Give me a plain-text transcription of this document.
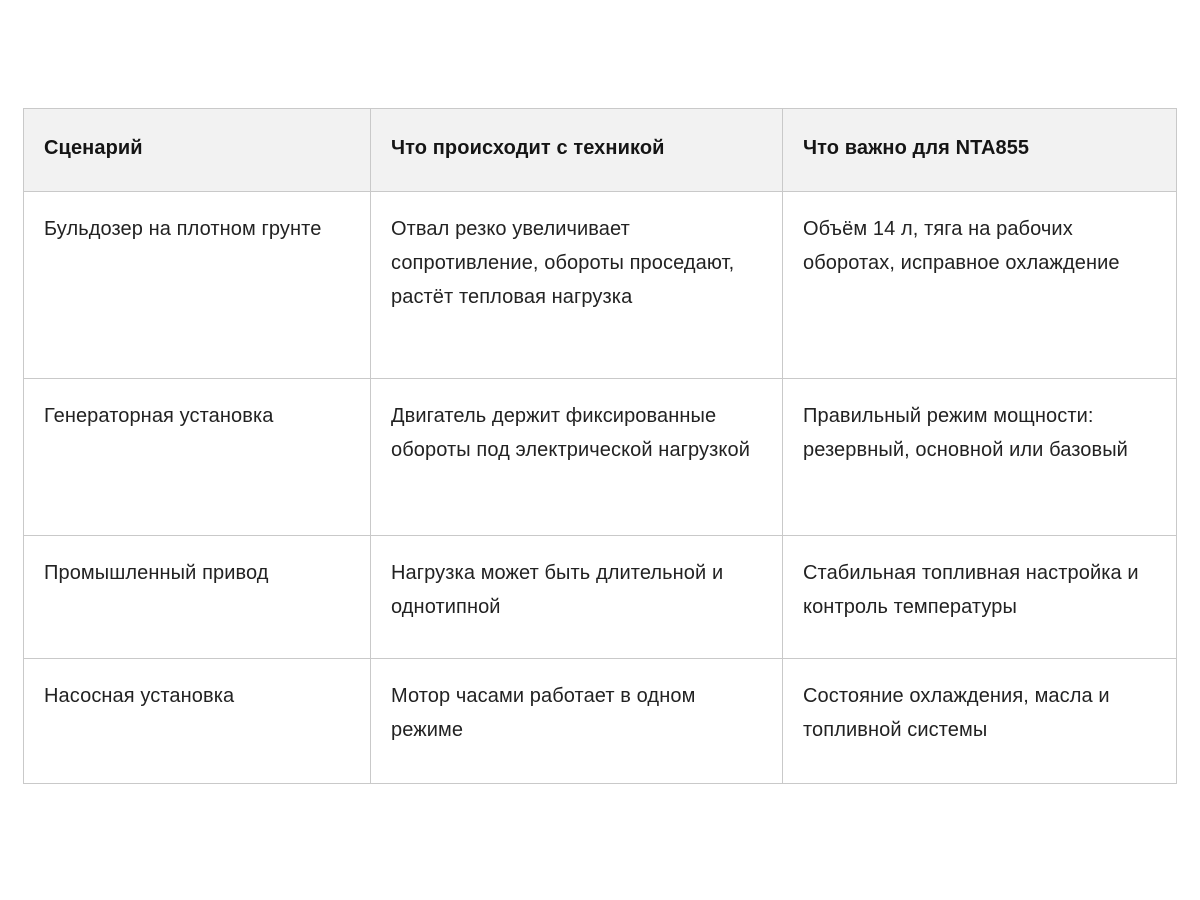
Сценарий	Что происходит с техникой	Что важно для NTA855
Бульдозер на плотном грунте	Отвал резко увеличивает сопротивление, обороты проседают, растёт тепловая нагрузка	Объём 14 л, тяга на рабочих оборотах, исправное охлаждение
Генераторная установка	Двигатель держит фиксированные обороты под электрической нагрузкой	Правильный режим мощности: резервный, основной или базовый
Промышленный привод	Нагрузка может быть длительной и однотипной	Стабильная топливная настройка и контроль температуры
Насосная установка	Мотор часами работает в одном режиме	Состояние охлаждения, масла и топливной системы
